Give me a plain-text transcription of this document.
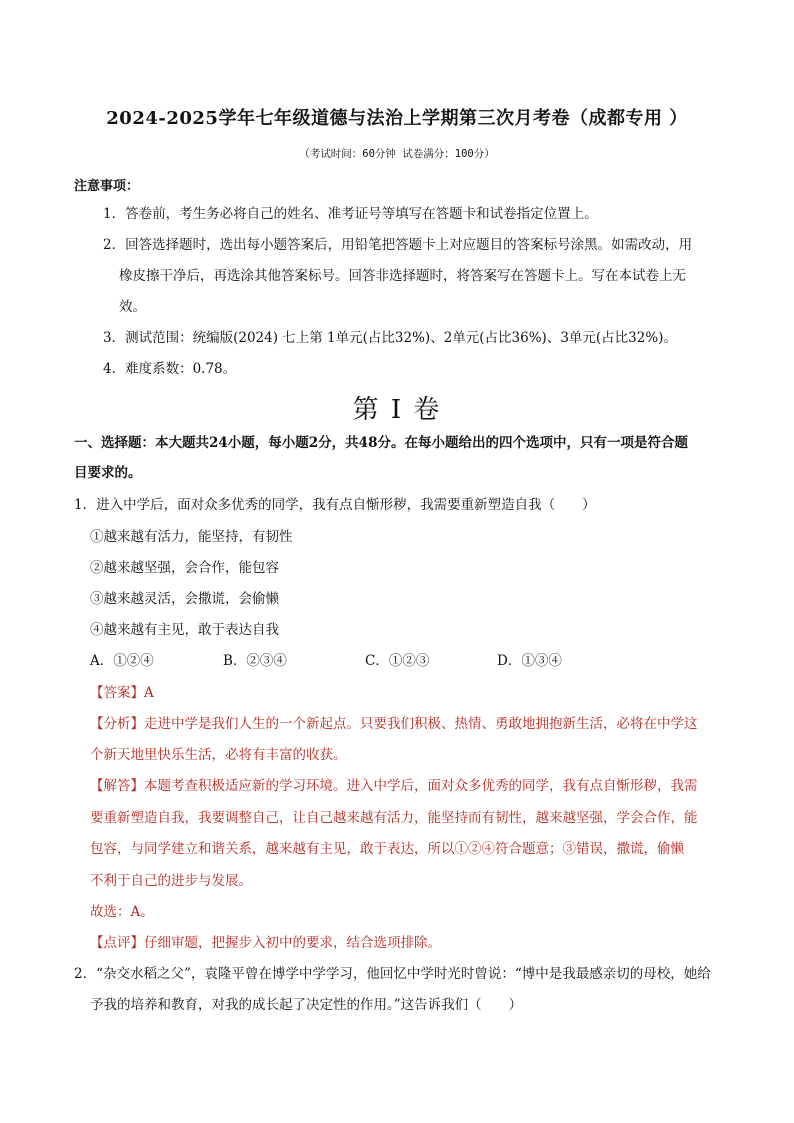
2024-2025学年七年级道德与法治上学期第三次月考卷（成都专用 ）
（考试时间：60分钟 试卷满分：100分）
注意事项：
1．答卷前，考生务必将自己的姓名、准考证号等填写在答题卡和试卷指定位置上。
2．回答选择题时，选出每小题答案后，用铅笔把答题卡上对应题目的答案标号涂黑。如需改动，用
橡皮擦干净后，再选涂其他答案标号。回答非选择题时，将答案写在答题卡上。写在本试卷上无
效。
3．测试范围：统编版(2024) 七上第 1单元(占比32%)、2单元(占比36%)、3单元(占比32%)。
4．难度系数：0.78。
第 I 卷
一、选择题：本大题共24小题，每小题2分，共48分。在每小题给出的四个选项中，只有一项是符合题
目要求的。
1．进入中学后，面对众多优秀的同学，我有点自惭形秽，我需要重新塑造自我（　　）
①越来越有活力，能坚持，有韧性
②越来越坚强，会合作，能包容
③越来越灵活，会撒谎，会偷懒
④越来越有主见，敢于表达自我
A．①②④	B．②③④	C．①②③	D．①③④
【答案】A
【分析】走进中学是我们人生的一个新起点。只要我们积极、热情、勇敢地拥抱新生活，必将在中学这
个新天地里快乐生活，必将有丰富的收获。
【解答】本题考查积极适应新的学习环境。进入中学后，面对众多优秀的同学，我有点自惭形秽，我需
要重新塑造自我，我要调整自己，让自己越来越有活力，能坚持而有韧性，越来越坚强，学会合作，能
包容，与同学建立和谐关系，越来越有主见，敢于表达，所以①②④符合题意；③错误，撒谎，偷懒
不利于自己的进步与发展。
故选：A。
【点评】仔细审题，把握步入初中的要求，结合选项排除。
2．“杂交水稻之父”，袁隆平曾在博学中学学习，他回忆中学时光时曾说：“博中是我最感亲切的母校，她给
予我的培养和教育，对我的成长起了决定性的作用。”这告诉我们（　　）
